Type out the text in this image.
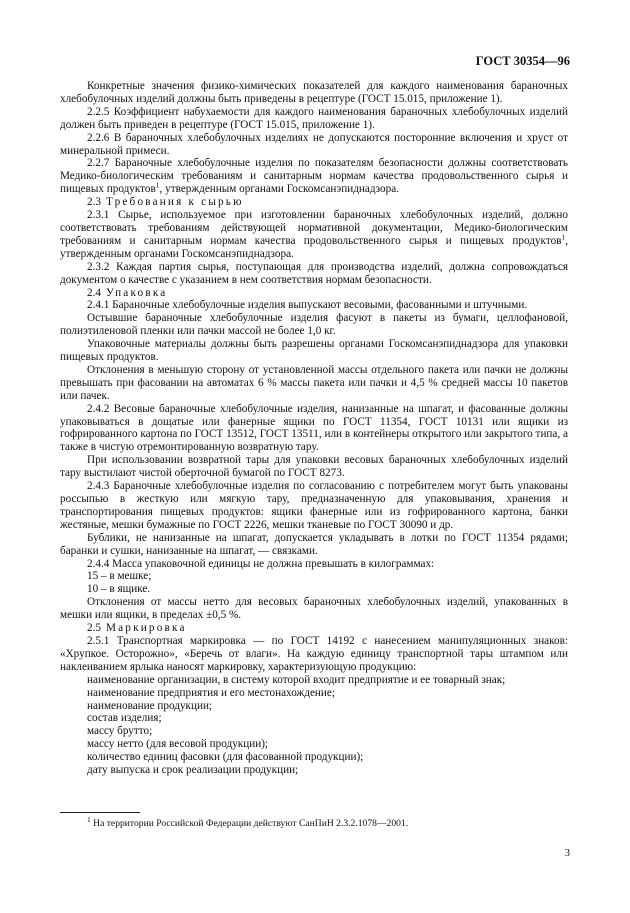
ГОСТ 30354—96

Конкретные значения физико-химических показателей для каждого наименования бараночных хлебобулочных изделий должны быть приведены в рецептуре (ГОСТ 15.015, приложение 1).

2.2.5 Коэффициент набухаемости для каждого наименования бараночных хлебобулочных изделий должен быть приведен в рецептуре (ГОСТ 15.015, приложение 1).

2.2.6 В бараночных хлебобулочных изделиях не допускаются посторонние включения и хруст от минеральной примеси.

2.2.7 Бараночные хлебобулочные изделия по показателям безопасности должны соответствовать Медико-биологическим требованиям и санитарным нормам качества продовольственного сырья и пищевых продуктов$^1$, утвержденным органами Госкомсанэпиднадзора.

2.3 Требования к сырью

2.3.1 Сырье, используемое при изготовлении бараночных хлебобулочных изделий, должно соответствовать требованиям действующей нормативной документации, Медико-биологическим требованиям и санитарным нормам качества продовольственного сырья и пищевых продуктов$^1$, утвержденным органами Госкомсанэпиднадзора.

2.3.2 Каждая партия сырья, поступающая для производства изделий, должна сопровождаться документом о качестве с указанием в нем соответствия нормам безопасности.

2.4 Упаковка

2.4.1 Бараночные хлебобулочные изделия выпускают весовыми, фасованными и штучными.

Остывшие бараночные хлебобулочные изделия фасуют в пакеты из бумаги, целлофановой, полиэтиленовой пленки или пачки массой не более 1,0 кг.

Упаковочные материалы должны быть разрешены органами Госкомсанэпиднадзора для упаковки пищевых продуктов.

Отклонения в меньшую сторону от установленной массы отдельного пакета или пачки не должны превышать при фасовании на автоматах 6 % массы пакета или пачки и 4,5 % средней массы 10 пакетов или пачек.

2.4.2 Весовые бараночные хлебобулочные изделия, нанизанные на шпагат, и фасованные должны упаковываться в дощатые или фанерные ящики по ГОСТ 11354, ГОСТ 10131 или ящики из гофрированного картона по ГОСТ 13512, ГОСТ 13511, или в контейнеры открытого или закрытого типа, а также в чистую отремонтированную возвратную тару.

При использовании возвратной тары для упаковки весовых бараночных хлебобулочных изделий тару выстилают чистой оберточной бумагой по ГОСТ 8273.

2.4.3 Бараночные хлебобулочные изделия по согласованию с потребителем могут быть упакованы россыпью в жесткую или мягкую тару, предназначенную для упаковывания, хранения и транспортирования пищевых продуктов: ящики фанерные или из гофрированного картона, банки жестяные, мешки бумажные по ГОСТ 2226, мешки тканевые по ГОСТ 30090 и др.

Бублики, не нанизанные на шпагат, допускается укладывать в лотки по ГОСТ 11354 рядами; баранки и сушки, нанизанные на шпагат, — связками.

2.4.4 Масса упаковочной единицы не должна превышать в килограммах:

15 – в мешке;

10 – в ящике.

Отклонения от массы нетто для весовых бараночных хлебобулочных изделий, упакованных в мешки или ящики, в пределах ±0,5 %.

2.5 Маркировка

2.5.1 Транспортная маркировка — по ГОСТ 14192 с нанесением манипуляционных знаков: «Хрупкое. Осторожно», «Беречь от влаги». На каждую единицу транспортной тары штампом или наклеиванием ярлыка наносят маркировку, характеризующую продукцию:

наименование организации, в систему которой входит предприятие и ее товарный знак;

наименование предприятия и его местонахождение;

наименование продукции;

состав изделия;

массу брутто;

массу нетто (для весовой продукции);

количество единиц фасовки (для фасованной продукции);

дату выпуска и срок реализации продукции;

$^1$ На территории Российской Федерации действуют СанПиН 2.3.2.1078—2001.
3
